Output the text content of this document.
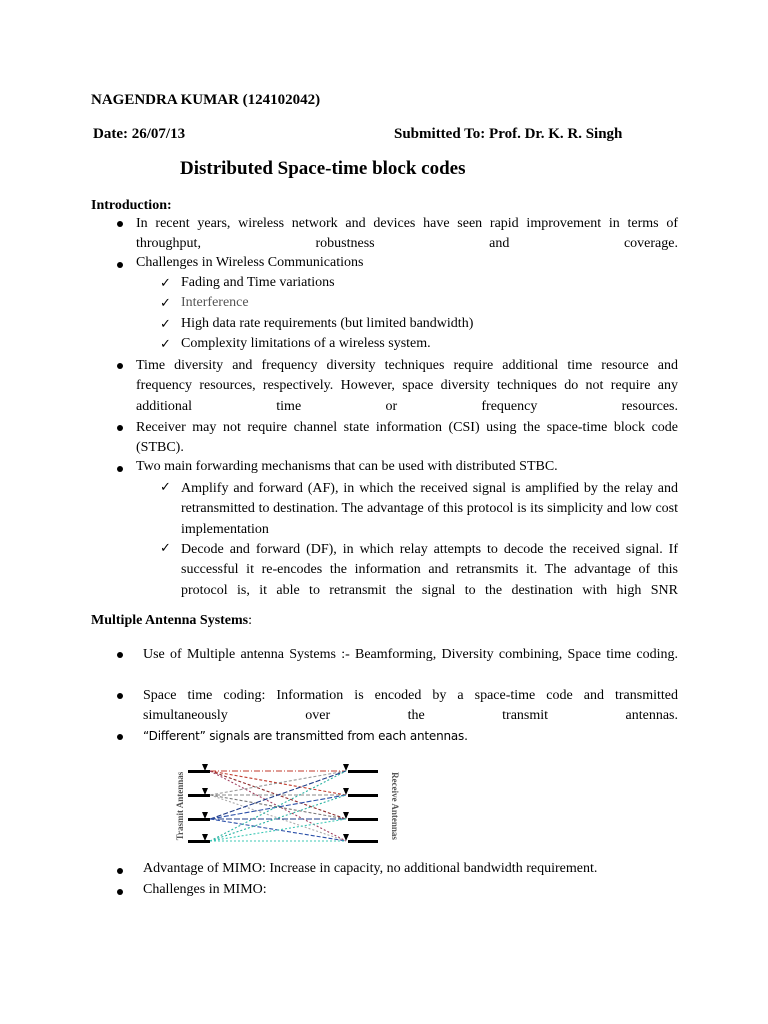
NAGENDRA KUMAR (124102042)
Date: 26/07/13	Submitted To: Prof. Dr. K. R. Singh
Distributed Space-time block codes
Introduction:
In recent years, wireless network and devices have seen rapid improvement in terms of throughput, robustness and coverage.
Challenges in Wireless Communications
✓ Fading and Time variations
✓ Interference
✓ High data rate requirements (but limited bandwidth)
✓ Complexity limitations of a wireless system.
Time diversity and frequency diversity techniques require additional time resource and frequency resources, respectively. However, space diversity techniques do not require any additional time or frequency resources.
Receiver may not require channel state information (CSI) using the space-time block code (STBC).
Two main forwarding mechanisms that can be used with distributed STBC.
✓ Amplify and forward (AF), in which the received signal is amplified by the relay and retransmitted to destination. The advantage of this protocol is its simplicity and low cost implementation
✓ Decode and forward (DF), in which relay attempts to decode the received signal. If successful it re-encodes the information and retransmits it. The advantage of this protocol is, it able to retransmit the signal to the destination with high SNR
Multiple Antenna Systems:
Use of Multiple antenna Systems :- Beamforming, Diversity combining, Space time coding.
Space time coding: Information is encoded by a space-time code and transmitted simultaneously over the transmit antennas.
“Different” signals are transmitted from each antennas.
Trasmit Antennas	Receive Antennas
Advantage of MIMO: Increase in capacity, no additional bandwidth requirement.
Challenges in MIMO:
